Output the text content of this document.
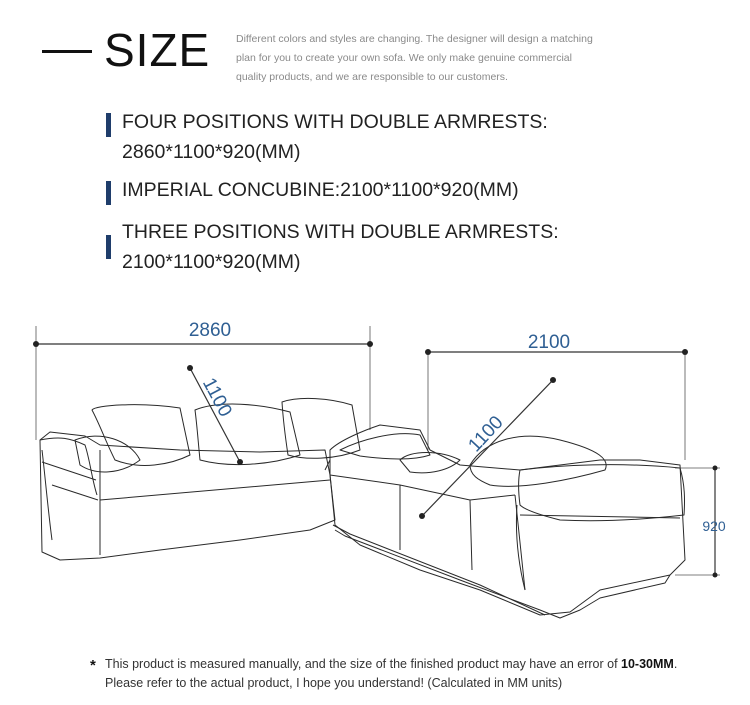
SIZE Different colors and styles are changing. The designer will design a matching
plan for you to create your own sofa. We only make genuine commercial
quality products, and we are responsible to our customers.
FOUR POSITIONS WITH DOUBLE ARMRESTS:
2860*1100*920(MM)
IMPERIAL CONCUBINE:2100*1100*920(MM)
THREE POSITIONS WITH DOUBLE ARMRESTS:
2100*1100*920(MM)
2860
2100
920
1100
1100
* This product is measured manually, and the size of the finished product may have an error of 10-30MM.
Please refer to the actual product, I hope you understand! (Calculated in MM units)
